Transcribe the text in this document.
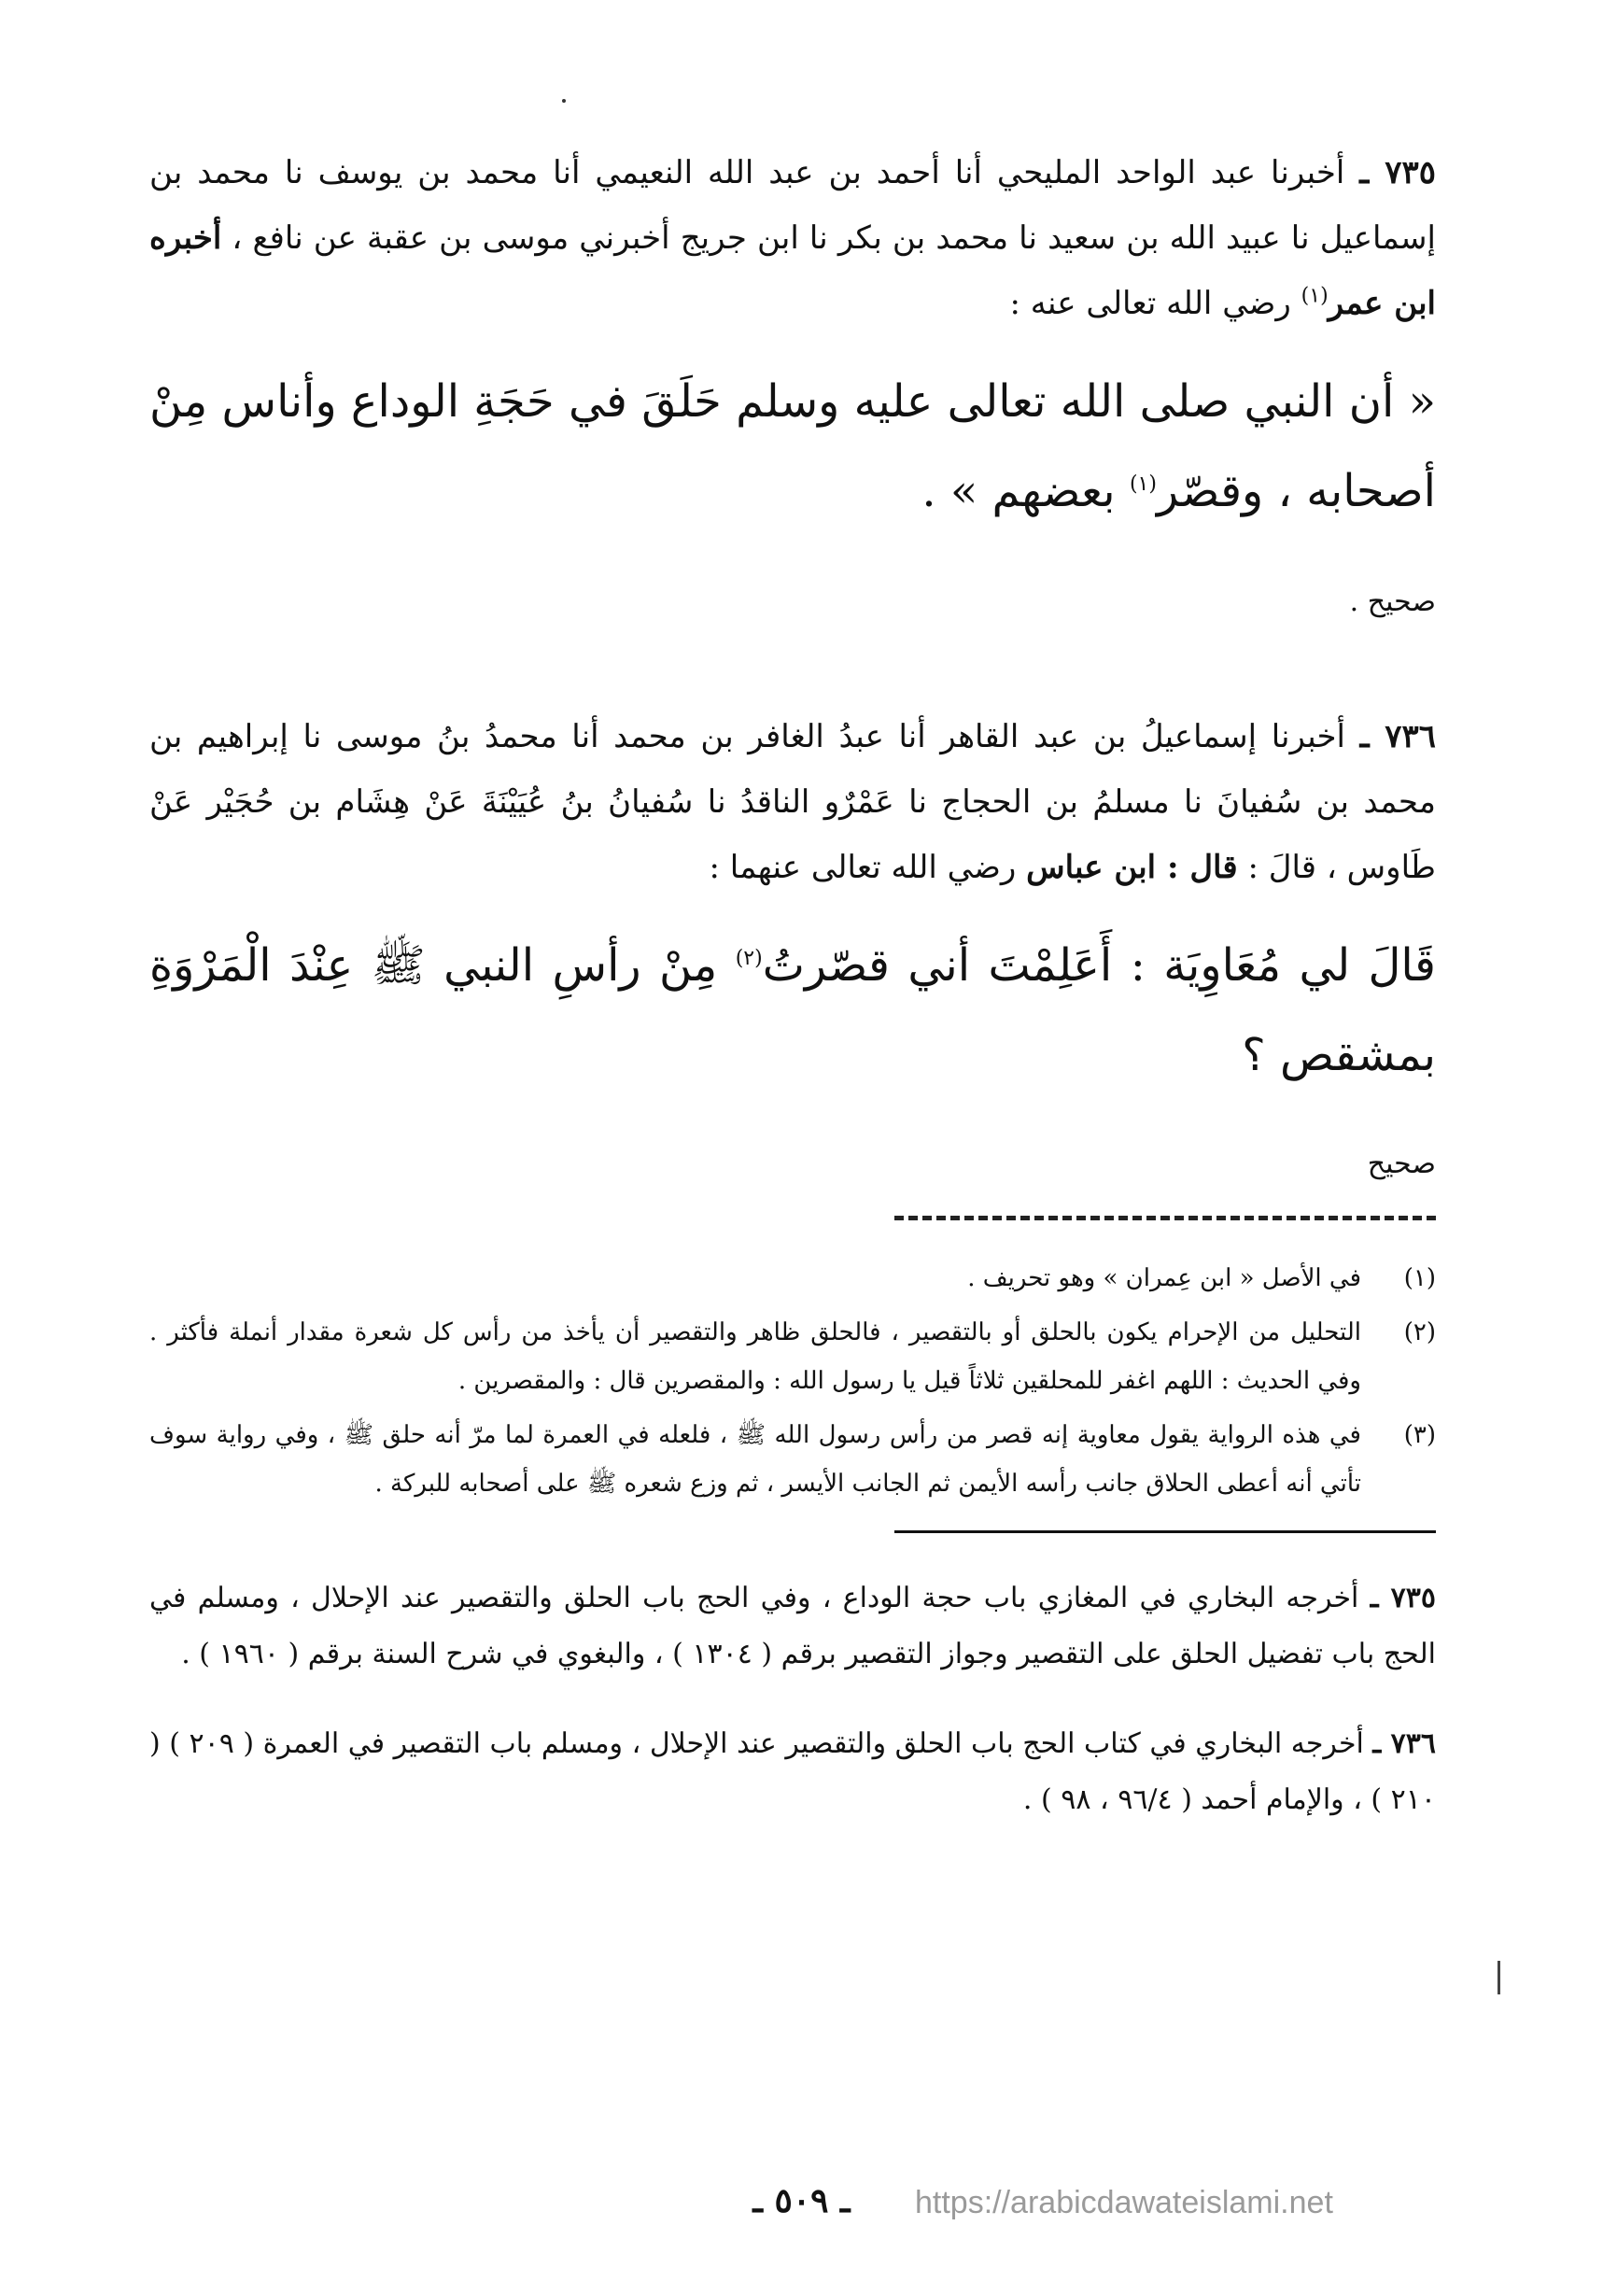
٧٣٥ ـ أخبرنا عبد الواحد المليحي أنا أحمد بن عبد الله النعيمي أنا محمد بن يوسف نا محمد بن إسماعيل نا عبيد الله بن سعيد نا محمد بن بكر نا ابن جريج أخبرني موسى بن عقبة عن نافع ، أخبره ابن عمر$^{(١)}$ رضي الله تعالى عنه :
« أن النبي صلى الله تعالى عليه وسلم حَلَقَ في حَجَةِ الوداع وأناس مِنْ أصحابه ، وقصّر$^{(١)}$ بعضهم » .
صحيح .
٧٣٦ ـ أخبرنا إسماعيلُ بن عبد القاهر أنا عبدُ الغافر بن محمد أنا محمدُ بنُ موسى نا إبراهيم بن محمد بن سُفيانَ نا مسلمُ بن الحجاج نا عَمْرٌو الناقدُ نا سُفيانُ بنُ عُيَيْنَةَ عَنْ هِشَام بن حُجَيْر عَنْ طَاوس ، قالَ : قال : ابن عباس رضي الله تعالى عنهما :
قَالَ لي مُعَاوِيَة : أَعَلِمْتَ أني قصّرتُ$^{(٢)}$ مِنْ رأسِ النبي ﷺ عِنْدَ الْمَرْوَةِ بمشقص ؟
صحيح
(١)
في الأصل « ابن عِمران » وهو تحريف .
(٢)
التحليل من الإحرام يكون بالحلق أو بالتقصير ، فالحلق ظاهر والتقصير أن يأخذ من رأس كل شعرة مقدار أنملة فأكثر . وفي الحديث : اللهم اغفر للمحلقين ثلاثاً قيل يا رسول الله : والمقصرين قال : والمقصرين .
(٣)
في هذه الرواية يقول معاوية إنه قصر من رأس رسول الله ﷺ ، فلعله في العمرة لما مرّ أنه حلق ﷺ ، وفي رواية سوف تأتي أنه أعطى الحلاق جانب رأسه الأيمن ثم الجانب الأيسر ، ثم وزع شعره ﷺ على أصحابه للبركة .
٧٣٥ ـ أخرجه البخاري في المغازي باب حجة الوداع ، وفي الحج باب الحلق والتقصير عند الإحلال ، ومسلم في الحج باب تفضيل الحلق على التقصير وجواز التقصير برقم ( ١٣٠٤ ) ، والبغوي في شرح السنة برقم ( ١٩٦٠ ) .
٧٣٦ ـ أخرجه البخاري في كتاب الحج باب الحلق والتقصير عند الإحلال ، ومسلم باب التقصير في العمرة ( ٢٠٩ ) ( ٢١٠ ) ، والإمام أحمد ( ٩٦/٤ ، ٩٨ ) .
ـ ٥٠٩ ـ	https://arabicdawateislami.net
